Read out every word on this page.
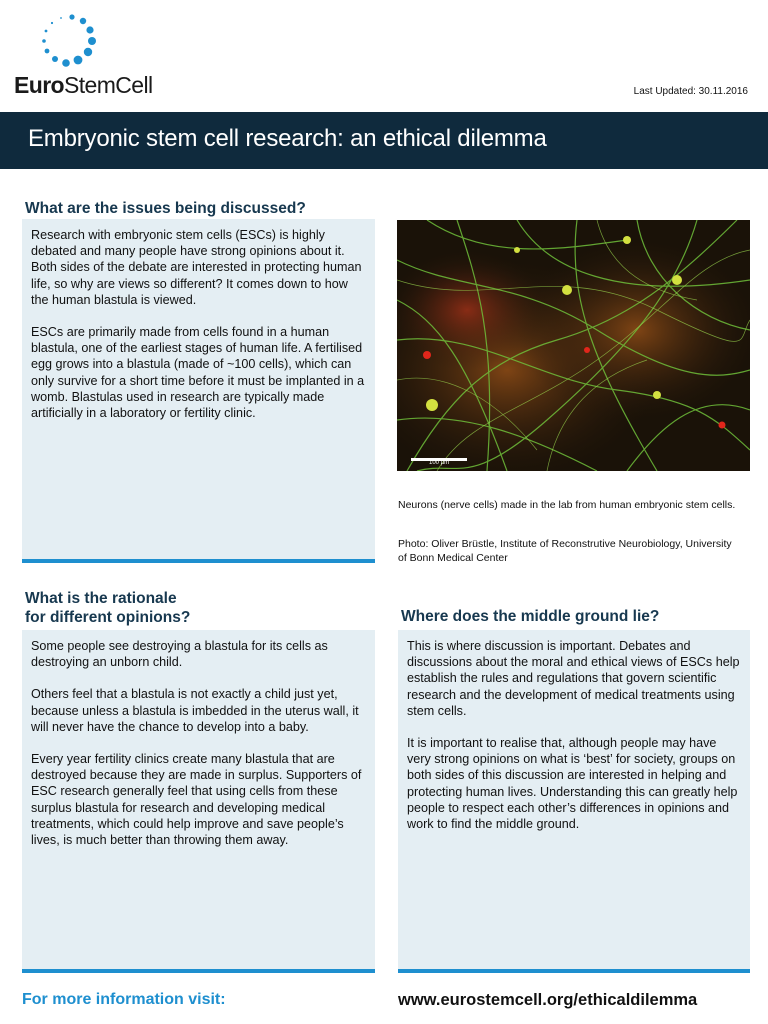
EuroStemCell	Last Updated: 30.11.2016
Embryonic stem cell research: an ethical dilemma
What are the issues being discussed?

Research with embryonic stem cells (ESCs) is highly debated and many people have strong opinions about it. Both sides of the debate are interested in protecting human life, so why are views so different? It comes down to how the human blastula is viewed.

ESCs are primarily made from cells found in a human blastula, one of the earliest stages of human life. A fertilised egg grows into a blastula (made of ~100 cells), which can only survive for a short time before it must be implanted in a womb. Blastulas used in research are typically made artificially in a laboratory or fertility clinic.

100 µm
Neurons (nerve cells) made in the lab from human embryonic stem cells.
Photo: Oliver Brüstle, Institute of Reconstrutive Neurobiology, University of Bonn Medical Center
What is the rationale
for different opinions?

Some people see destroying a blastula for its cells as destroying an unborn child.

Others feel that a blastula is not exactly a child just yet, because unless a blastula is imbedded in the uterus wall, it will never have the chance to develop into a baby.

Every year fertility clinics create many blastula that are destroyed because they are made in surplus. Supporters of ESC research generally feel that using cells from these surplus blastula for research and developing medical treatments, which could help improve and save people’s lives, is much better than throwing them away.

Where does the middle ground lie?

This is where discussion is important. Debates and discussions about the moral and ethical views of ESCs help establish the rules and regulations that govern scientific research and the development of medical treatments using stem cells.

It is important to realise that, although people may have very strong opinions on what is ‘best’ for society, groups on both sides of this discussion are interested in helping and protecting human lives. Understanding this can greatly help people to respect each other’s differences in opinions and work to find the middle ground.

For more information visit:	www.eurostemcell.org/ethicaldilemma
